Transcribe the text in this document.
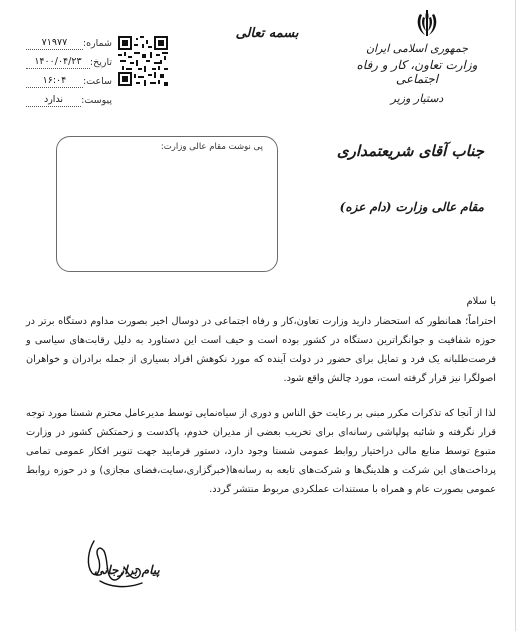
جمهوری اسلامی ایران
وزارت تعاون، کار و رفاه اجتماعی
دستیار وزیر
بسمه تعالی
شماره:
۷۱۹۷۷
تاریخ:
۱۴۰۰/۰۴/۲۳
ساعت:
۱۶:۰۴
پیوست:
ندارد
پی نوشت مقام عالی وزارت:	جناب آقای شریعتمداری
مقام عالی وزارت (دام عزه)
با سلام
احتراماً؛ همانطور که استحضار دارید وزارت تعاون،کار و رفاه اجتماعی در دوسال اخیر بصورت مداوم دستگاه برتر در حوزه شفافیت و جوانگراترین دستگاه در کشور بوده است و حیف است این دستاورد به دلیل رقابت‌های سیاسی و فرصت‌طلبانه یک فرد و تمایل برای حضور در دولت آینده که مورد نکوهش افراد بسیاری از جمله برادران و خواهران اصولگرا نیز قرار گرفته است، مورد چالش واقع شود.
لذا از آنجا که تذکرات مکرر مبنی بر رعایت حق الناس و دوری از سیاه‌نمایی توسط مدیرعامل محترم شستا مورد توجه قرار نگرفته و شائبه پولپاشی رسانه‌ای برای تخریب بعضی از مدیران خدوم، پاکدست و زحمتکش کشور در وزارت متبوع توسط منابع مالی دراختیار روابط عمومی شستا وجود دارد، دستور فرمایید جهت تنویر افکار عمومی تمامی پرداخت‌های این شرکت و هلدینگ‌ها و شرکت‌های تابعه به رسانه‌ها(خبرگزاری،سایت،فضای مجازی) و در حوزه روابط عمومی بصورت عام و همراه با مستندات عملکردی مربوط منتشر گردد.
پیام برازجانی
